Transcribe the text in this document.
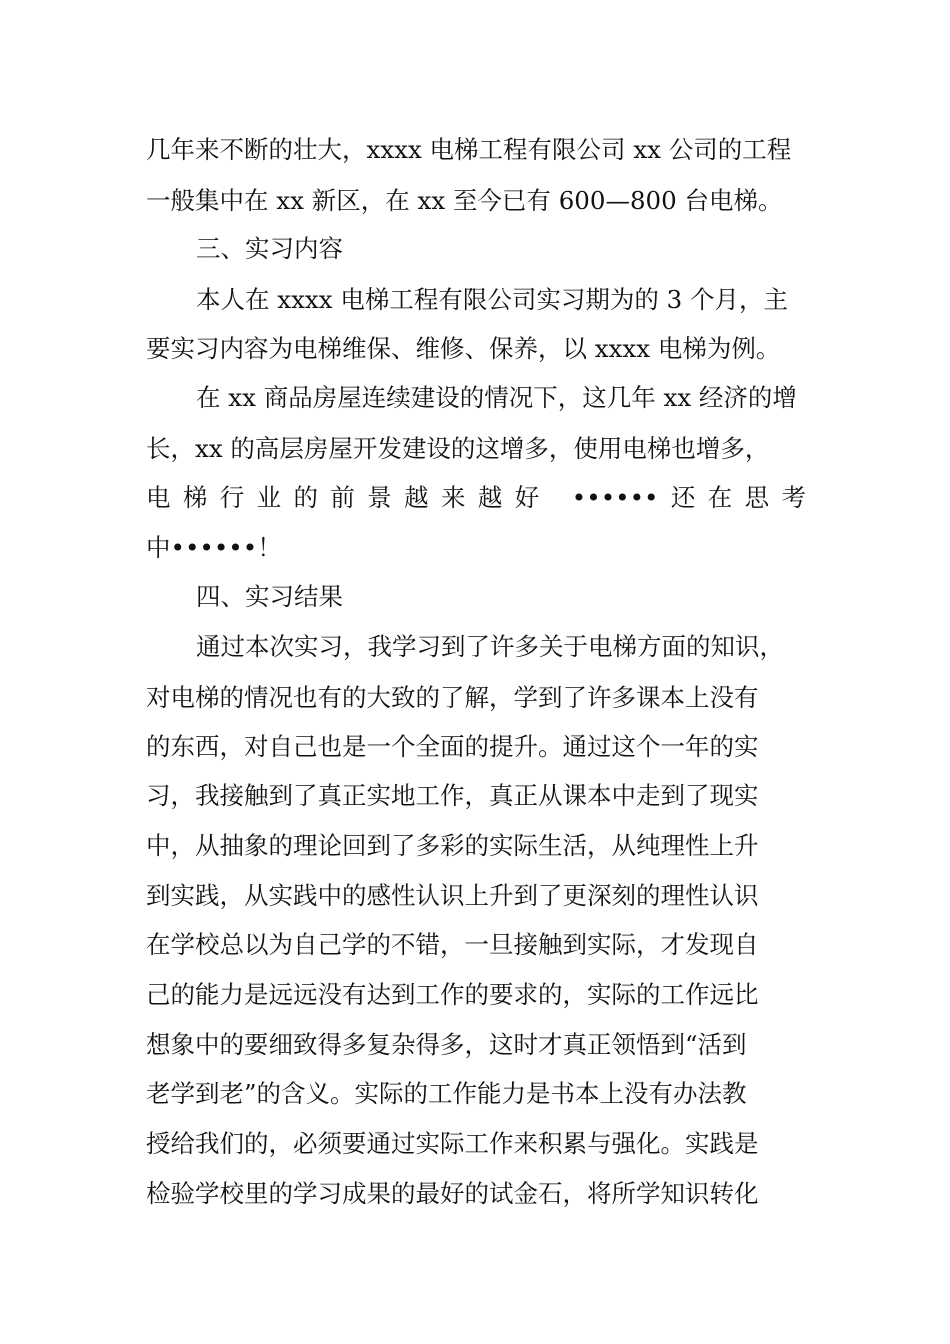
几年来不断的壮大，xxxx 电梯工程有限公司 xx 公司的工程
一般集中在 xx 新区，在 xx 至今已有 600—800 台电梯。
三、实习内容
本人在 xxxx 电梯工程有限公司实习期为的 3 个月，主
要实习内容为电梯维保、维修、保养，以 xxxx 电梯为例。
在 xx 商品房屋连续建设的情况下，这几年 xx 经济的增
长，xx 的高层房屋开发建设的这增多，使用电梯也增多，
电梯行业的前景越来越好 ••••••还在思考
中••••••！
四、实习结果
通过本次实习，我学习到了许多关于电梯方面的知识，
对电梯的情况也有的大致的了解，学到了许多课本上没有
的东西，对自己也是一个全面的提升。通过这个一年的实
习，我接触到了真正实地工作，真正从课本中走到了现实
中，从抽象的理论回到了多彩的实际生活，从纯理性上升
到实践，从实践中的感性认识上升到了更深刻的理性认识
在学校总以为自己学的不错，一旦接触到实际，才发现自
己的能力是远远没有达到工作的要求的，实际的工作远比
想象中的要细致得多复杂得多，这时才真正领悟到“活到
老学到老”的含义。实际的工作能力是书本上没有办法教
授给我们的，必须要通过实际工作来积累与强化。实践是
检验学校里的学习成果的最好的试金石，将所学知识转化
